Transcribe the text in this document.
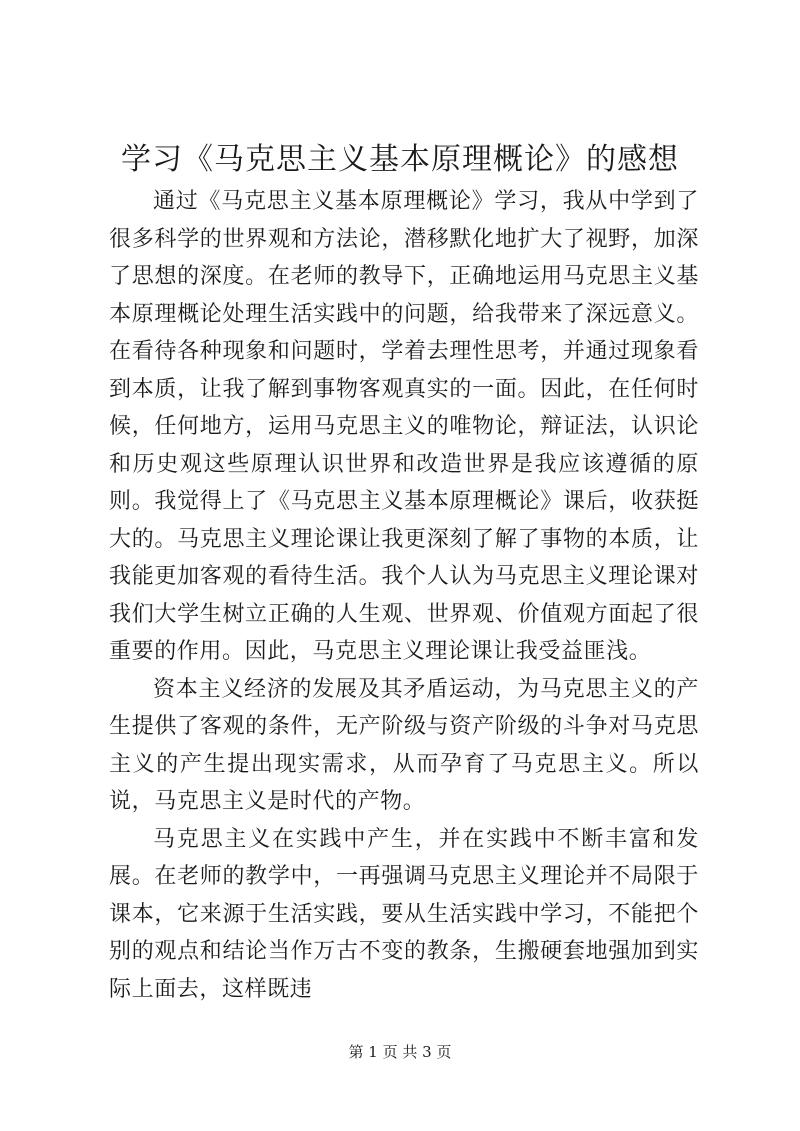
学习《马克思主义基本原理概论》的感想

通过《马克思主义基本原理概论》学习，我从中学到了很多科学的世界观和方法论，潜移默化地扩大了视野，加深了思想的深度。在老师的教导下，正确地运用马克思主义基本原理概论处理生活实践中的问题，给我带来了深远意义。在看待各种现象和问题时，学着去理性思考，并通过现象看到本质，让我了解到事物客观真实的一面。因此，在任何时候，任何地方，运用马克思主义的唯物论，辩证法，认识论和历史观这些原理认识世界和改造世界是我应该遵循的原则。我觉得上了《马克思主义基本原理概论》课后，收获挺大的。马克思主义理论课让我更深刻了解了事物的本质，让我能更加客观的看待生活。我个人认为马克思主义理论课对我们大学生树立正确的人生观、世界观、价值观方面起了很重要的作用。因此，马克思主义理论课让我受益匪浅。

资本主义经济的发展及其矛盾运动，为马克思主义的产生提供了客观的条件，无产阶级与资产阶级的斗争对马克思主义的产生提出现实需求，从而孕育了马克思主义。所以说，马克思主义是时代的产物。

马克思主义在实践中产生，并在实践中不断丰富和发展。在老师的教学中，一再强调马克思主义理论并不局限于课本，它来源于生活实践，要从生活实践中学习，不能把个别的观点和结论当作万古不变的教条，生搬硬套地强加到实际上面去，这样既违

第 1 页 共 3 页
